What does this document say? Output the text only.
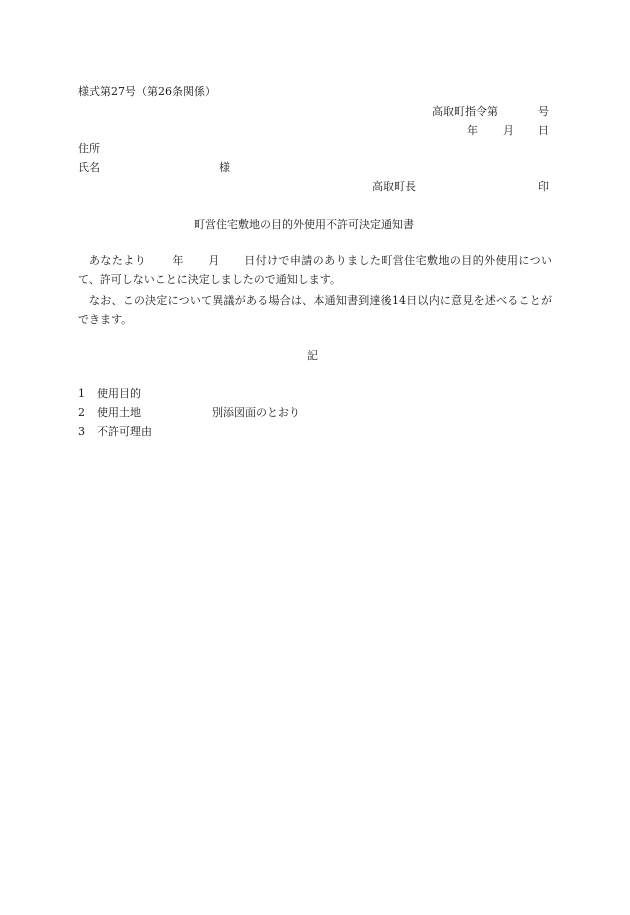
様式第27号（第26条関係）
高取町指令第	号
年 月 日
住所
氏名	様
高取町長	印
町営住宅敷地の目的外使用不許可決定通知書
あなたより 年 月 日付けで申請のありました町営住宅敷地の目的外使用について、許可しないことに決定しましたので通知します。
なお、この決定について異議がある場合は、本通知書到達後14日以内に意見を述べることができます。
記
1 使用目的
2 使用土地	別添図面のとおり
3 不許可理由
